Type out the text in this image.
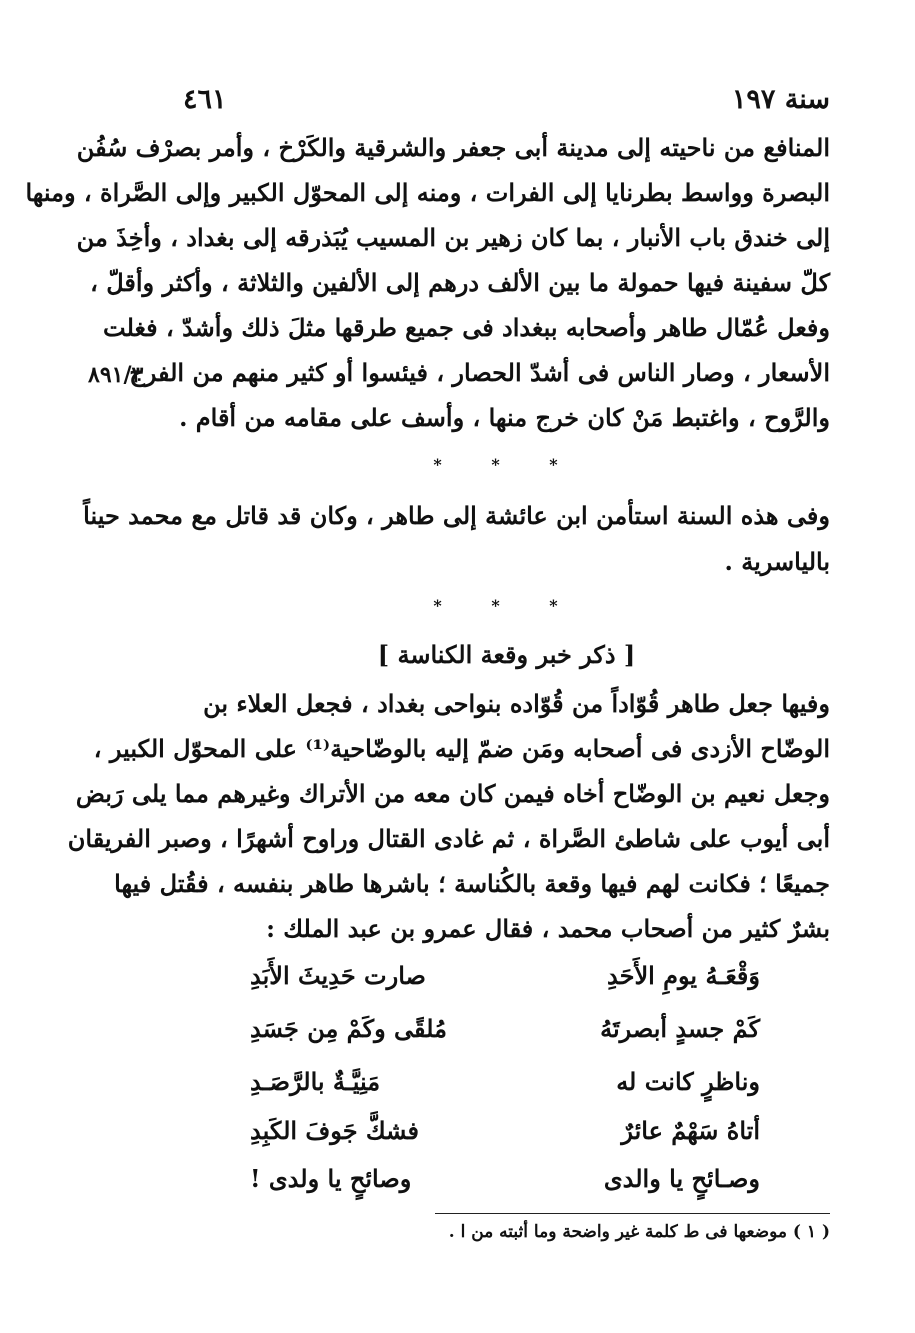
سنة ١٩٧
٤٦١
المنافع من ناحيته إلى مدينة أبى جعفر والشرقية والكَرْخ ، وأمر بصرْف سُفُن
البصرة وواسط بطرنايا إلى الفرات ، ومنه إلى المحوّل الكبير وإلى الصَّراة ، ومنها
إلى خندق باب الأنبار ، بما كان زهير بن المسيب يُبَذرقه إلى بغداد ، وأخِذَ من
كلّ سفينة فيها حمولة ما بين الألف درهم إلى الألفين والثلاثة ، وأكثر وأقلّ ،
وفعل عُمّال طاهر وأصحابه ببغداد فى جميع طرقها مثلَ ذلك وأشدّ ، فغلت
الأسعار ، وصار الناس فى أشدّ الحصار ، فيئسوا أو كثير منهم من الفرج
والرَّوح ، واغتبط مَنْ كان خرج منها ، وأسف على مقامه من أقام .
٨٩١/٣
* * *
وفى هذه السنة استأمن ابن عائشة إلى طاهر ، وكان قد قاتل مع محمد حيناً
بالياسرية .
* * *
[ ذكر خبر وقعة الكناسة ]
وفيها جعل طاهر قُوّاداً من قُوّاده بنواحى بغداد ، فجعل العلاء بن
الوضّاح الأزدى فى أصحابه ومَن ضمّ إليه بالوضّاحية⁽¹⁾ على المحوّل الكبير ،
وجعل نعيم بن الوضّاح أخاه فيمن كان معه من الأتراك وغيرهم مما يلى رَبض
أبى أيوب على شاطئ الصَّراة ، ثم غادى القتال وراوح أشهرًا ، وصبر الفريقان
جميعًا ؛ فكانت لهم فيها وقعة بالكُناسة ؛ باشرها طاهر بنفسه ، فقُتل فيها
بشرٌ كثير من أصحاب محمد ، فقال عمرو بن عبد الملك :
وَقْعَـهُ يومِ الأَحَدِ
صارت حَدِيثَ الأَبَدِ
كَمْ جسدٍ أبصرتَهُ
مُلقًى وكَمْ مِن جَسَدِ
وناظرٍ كانت له
مَنِيَّـةٌ بالرَّصَـدِ
أتاهُ سَهْمٌ عائرٌ
فشكَّ جَوفَ الكَبِدِ
وصـائحٍ يا والدى
وصائحٍ يا ولدى !
( ١ ) موضعها فى ط كلمة غير واضحة وما أثبته من ا .
